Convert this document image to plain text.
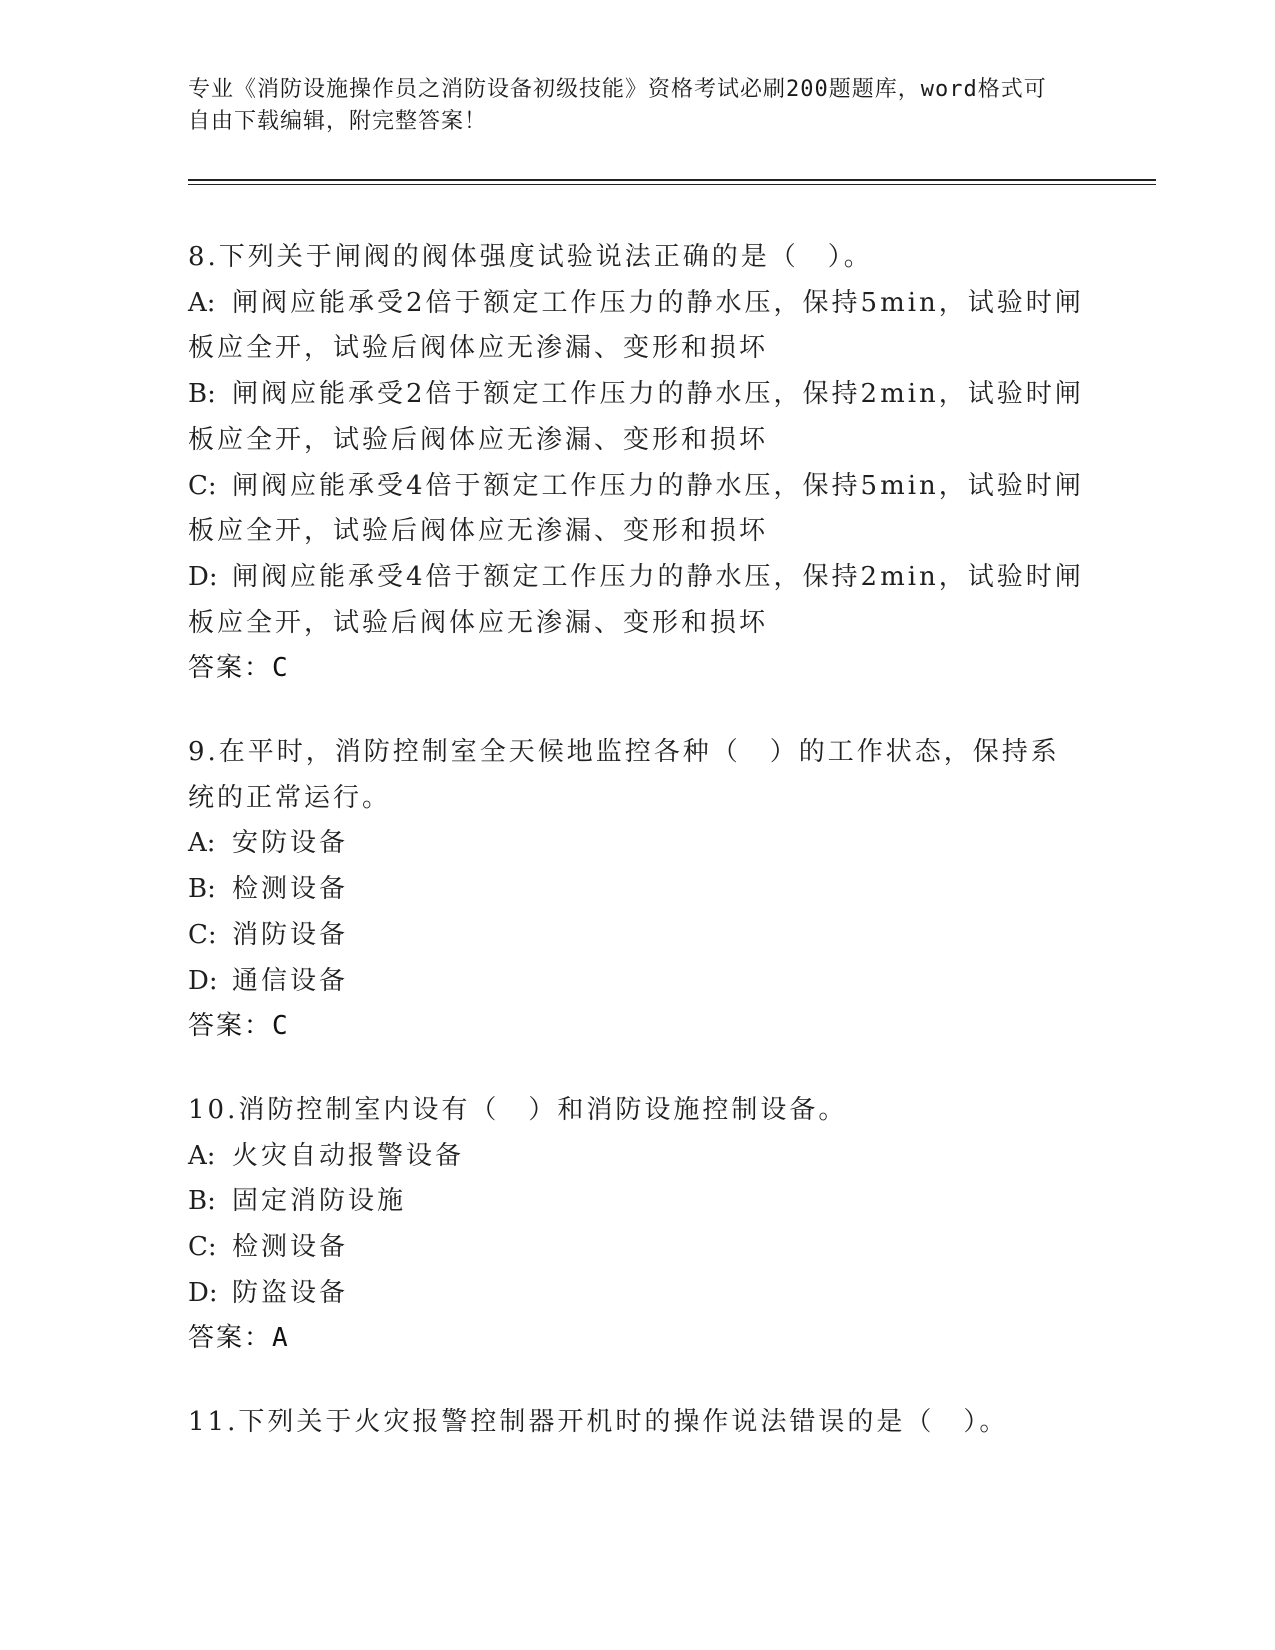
专业《消防设施操作员之消防设备初级技能》资格考试必刷200题题库，word格式可自由下载编辑，附完整答案！
8.下列关于闸阀的阀体强度试验说法正确的是（　）。
A: 闸阀应能承受2倍于额定工作压力的静水压，保持5min，试验时闸板应全开，试验后阀体应无渗漏、变形和损坏
B: 闸阀应能承受2倍于额定工作压力的静水压，保持2min，试验时闸板应全开，试验后阀体应无渗漏、变形和损坏
C: 闸阀应能承受4倍于额定工作压力的静水压，保持5min，试验时闸板应全开，试验后阀体应无渗漏、变形和损坏
D: 闸阀应能承受4倍于额定工作压力的静水压，保持2min，试验时闸板应全开，试验后阀体应无渗漏、变形和损坏
答案：C
9.在平时，消防控制室全天候地监控各种（　）的工作状态，保持系统的正常运行。
A: 安防设备
B: 检测设备
C: 消防设备
D: 通信设备
答案：C
10.消防控制室内设有（　）和消防设施控制设备。
A: 火灾自动报警设备
B: 固定消防设施
C: 检测设备
D: 防盗设备
答案：A
11.下列关于火灾报警控制器开机时的操作说法错误的是（　）。
